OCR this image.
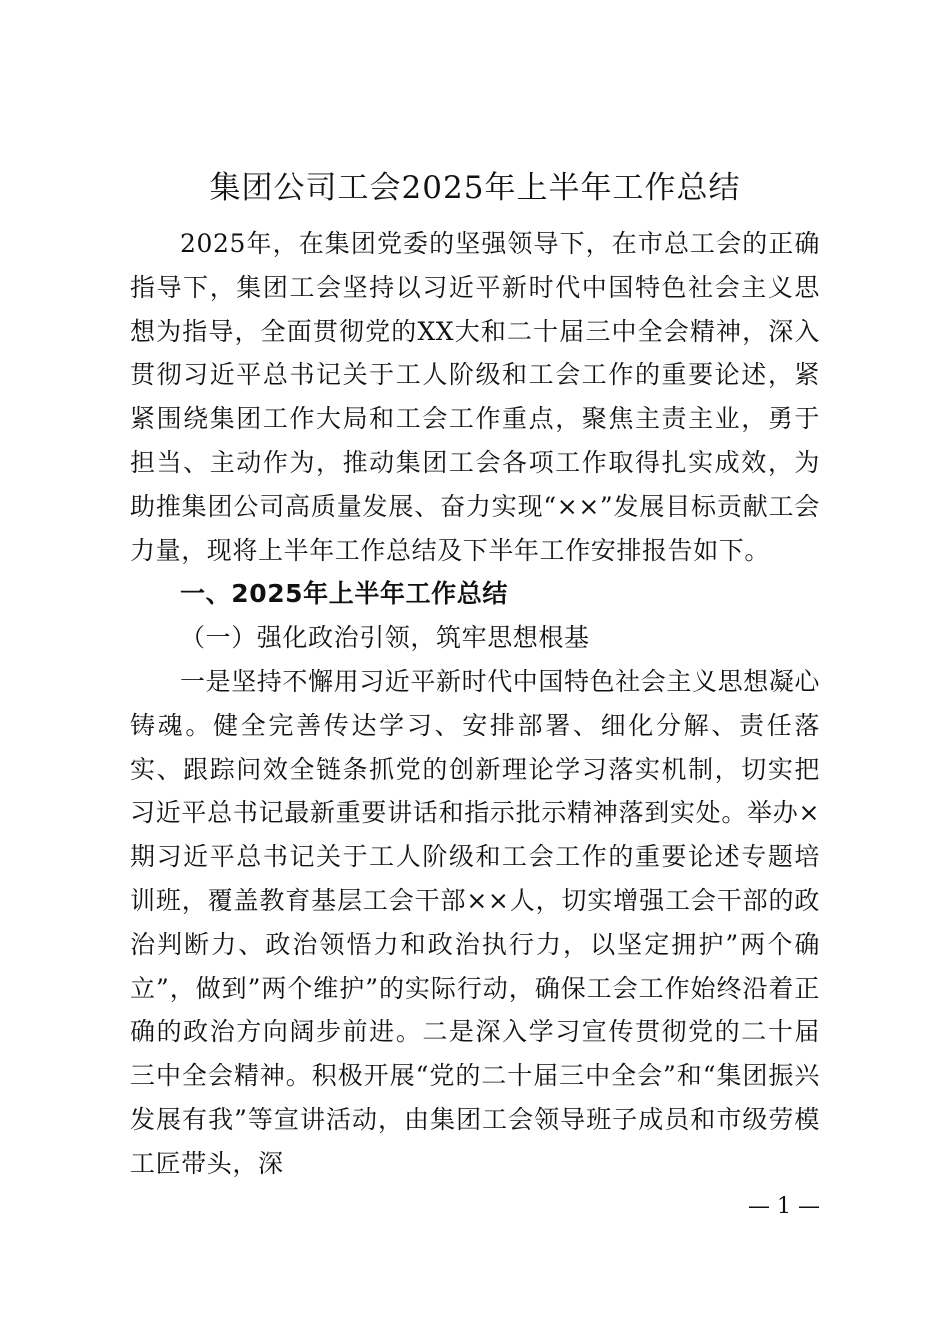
集团公司工会2025年上半年工作总结

2025年，在集团党委的坚强领导下，在市总工会的正确指导下，集团工会坚持以习近平新时代中国特色社会主义思想为指导，全面贯彻党的XX大和二十届三中全会精神，深入贯彻习近平总书记关于工人阶级和工会工作的重要论述，紧紧围绕集团工作大局和工会工作重点，聚焦主责主业，勇于担当、主动作为，推动集团工会各项工作取得扎实成效，为助推集团公司高质量发展、奋力实现“××”发展目标贡献工会力量，现将上半年工作总结及下半年工作安排报告如下。

一、2025年上半年工作总结

（一）强化政治引领，筑牢思想根基

一是坚持不懈用习近平新时代中国特色社会主义思想凝心铸魂。健全完善传达学习、安排部署、细化分解、责任落实、跟踪问效全链条抓党的创新理论学习落实机制，切实把习近平总书记最新重要讲话和指示批示精神落到实处。举办×期习近平总书记关于工人阶级和工会工作的重要论述专题培训班，覆盖教育基层工会干部××人，切实增强工会干部的政治判断力、政治领悟力和政治执行力，以坚定拥护”两个确立”，做到”两个维护”的实际行动，确保工会工作始终沿着正确的政治方向阔步前进。二是深入学习宣传贯彻党的二十届三中全会精神。积极开展“党的二十届三中全会”和“集团振兴发展有我”等宣讲活动，由集团工会领导班子成员和市级劳模工匠带头，深

— 1 —
